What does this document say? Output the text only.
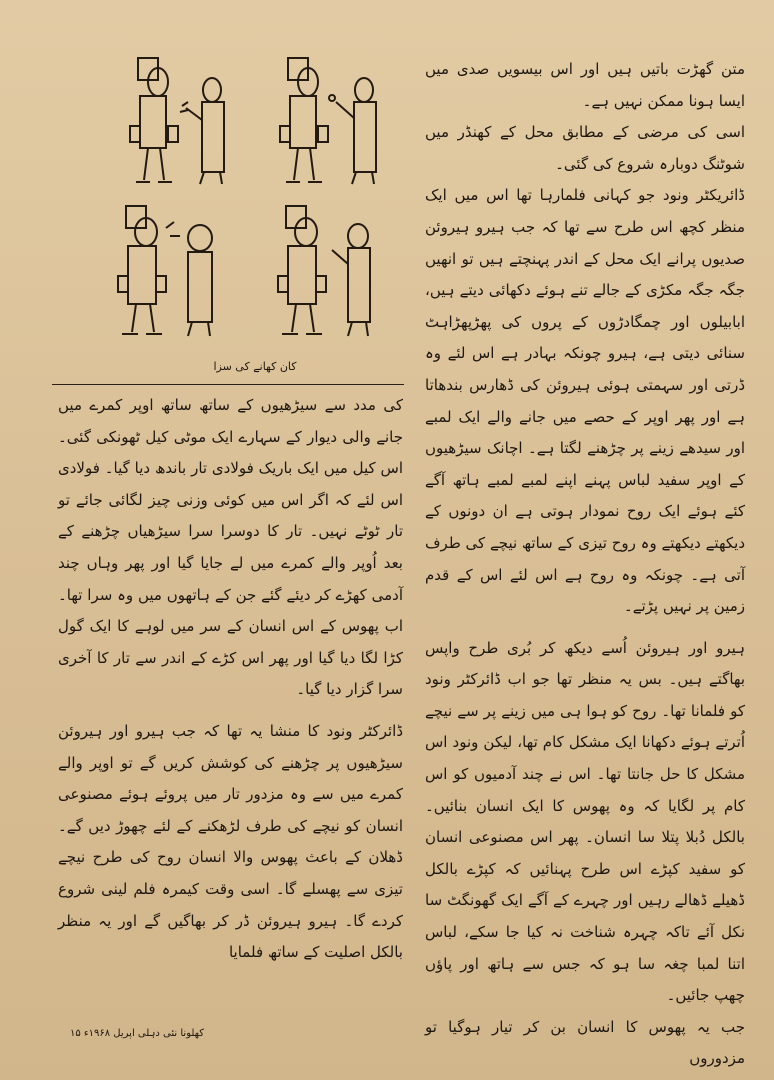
کان کھانے کی سزا

متن گھڑت باتیں ہیں اور اس بیسویں صدی میں ایسا ہونا ممکن نہیں ہے۔

اسی کی مرضی کے مطابق محل کے کھنڈر میں شوٹنگ دوبارہ شروع کی گئی۔

ڈائریکٹر ونود جو کہانی فلمارہا تھا اس میں ایک منظر کچھ اس طرح سے تھا کہ جب ہیرو ہیروئن صدیوں پرانے ایک محل کے اندر پہنچتے ہیں تو انھیں جگہ جگہ مکڑی کے جالے تنے ہوئے دکھائی دیتے ہیں، ابابیلوں اور چمگادڑوں کے پروں کی پھڑپھڑاہٹ سنائی دیتی ہے، ہیرو چونکہ بہادر ہے اس لئے وہ ڈرتی اور سہمتی ہوئی ہیروئن کی ڈھارس بندھاتا ہے اور پھر اوپر کے حصے میں جانے والے ایک لمبے اور سیدھے زینے پر چڑھنے لگتا ہے۔ اچانک سیڑھیوں کے اوپر سفید لباس پہنے اپنے لمبے لمبے ہاتھ آگے کئے ہوئے ایک روح نمودار ہوتی ہے ان دونوں کے دیکھتے دیکھتے وہ روح تیزی کے ساتھ نیچے کی طرف آتی ہے۔ چونکہ وہ روح ہے اس لئے اس کے قدم زمین پر نہیں پڑتے۔

ہیرو اور ہیروئن اُسے دیکھ کر بُری طرح واپس بھاگتے ہیں۔ بس یہ منظر تھا جو اب ڈائرکٹر ونود کو فلمانا تھا۔ روح کو ہوا ہی میں زینے پر سے نیچے اُترتے ہوئے دکھانا ایک مشکل کام تھا، لیکن ونود اس مشکل کا حل جانتا تھا۔ اس نے چند آدمیوں کو اس کام پر لگایا کہ وہ پھوس کا ایک انسان بنائیں۔ بالکل دُبلا پتلا سا انسان۔ پھر اس مصنوعی انسان کو سفید کپڑے اس طرح پہنائیں کہ کپڑے بالکل ڈھیلے ڈھالے رہیں اور چہرے کے آگے ایک گھونگٹ سا نکل آئے تاکہ چہرہ شناخت نہ کیا جا سکے، لباس اتنا لمبا چغہ سا ہو کہ جس سے ہاتھ اور پاؤں چھپ جائیں۔

جب یہ پھوس کا انسان بن کر تیار ہوگیا تو مزدوروں

کی مدد سے سیڑھیوں کے ساتھ ساتھ اوپر کمرے میں جانے والی دیوار کے سہارے ایک موٹی کیل ٹھونکی گئی۔ اس کیل میں ایک باریک فولادی تار باندھ دیا گیا۔ فولادی اس لئے کہ اگر اس میں کوئی وزنی چیز لگائی جائے تو تار ٹوٹے نہیں۔ تار کا دوسرا سرا سیڑھیاں چڑھنے کے بعد اُوپر والے کمرے میں لے جایا گیا اور پھر وہاں چند آدمی کھڑے کر دیئے گئے جن کے ہاتھوں میں وہ سرا تھا۔ اب پھوس کے اس انسان کے سر میں لوہے کا ایک گول کڑا لگا دیا گیا اور پھر اس کڑے کے اندر سے تار کا آخری سرا گزار دیا گیا۔

ڈائرکٹر ونود کا منشا یہ تھا کہ جب ہیرو اور ہیروئن سیڑھیوں پر چڑھنے کی کوشش کریں گے تو اوپر والے کمرے میں سے وہ مزدور تار میں پروئے ہوئے مصنوعی انسان کو نیچے کی طرف لڑھکنے کے لئے چھوڑ دیں گے۔ ڈھلان کے باعث پھوس والا انسان روح کی طرح نیچے تیزی سے پھسلے گا۔ اسی وقت کیمرہ فلم لینی شروع کردے گا۔ ہیرو ہیروئن ڈر کر بھاگیں گے اور یہ منظر بالکل اصلیت کے ساتھ فلمایا

کھلونا نئی دہلی اپریل ۱۹۶۸ء ۱۵
